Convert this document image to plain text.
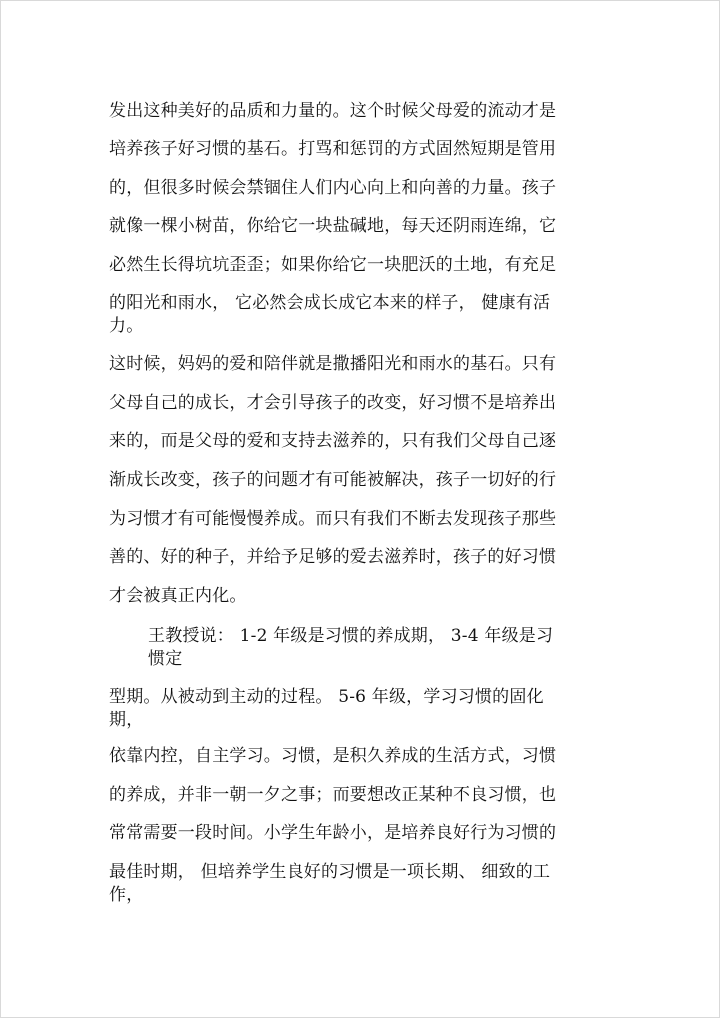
发出这种美好的品质和力量的。这个时候父母爱的流动才是
培养孩子好习惯的基石。打骂和惩罚的方式固然短期是管用
的，但很多时候会禁锢住人们内心向上和向善的力量。孩子
就像一棵小树苗，你给它一块盐碱地，每天还阴雨连绵，它
必然生长得坑坑歪歪；如果你给它一块肥沃的土地，有充足
的阳光和雨水， 它必然会成长成它本来的样子， 健康有活
力。
这时候，妈妈的爱和陪伴就是撒播阳光和雨水的基石。只有
父母自己的成长，才会引导孩子的改变，好习惯不是培养出
来的，而是父母的爱和支持去滋养的，只有我们父母自己逐
渐成长改变，孩子的问题才有可能被解决，孩子一切好的行
为习惯才有可能慢慢养成。而只有我们不断去发现孩子那些
善的、好的种子，并给予足够的爱去滋养时，孩子的好习惯
才会被真正内化。
王教授说： 1-2 年级是习惯的养成期， 3-4 年级是习
惯定
型期。从被动到主动的过程。 5-6 年级，学习习惯的固化
期，
依靠内控，自主学习。习惯，是积久养成的生活方式，习惯
的养成，并非一朝一夕之事；而要想改正某种不良习惯，也
常常需要一段时间。小学生年龄小，是培养良好行为习惯的
最佳时期， 但培养学生良好的习惯是一项长期、 细致的工
作，
